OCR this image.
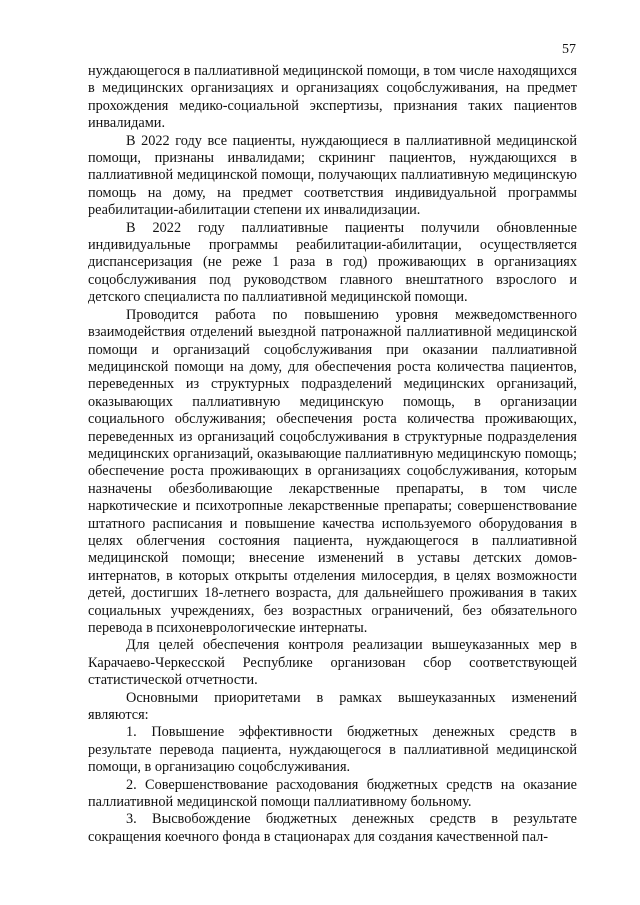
57

нуждающегося в паллиативной медицинской помощи, в том числе находящихся в медицинских организациях и организациях соцобслуживания, на предмет прохождения медико-социальной экспертизы, признания таких пациентов инвалидами.

В 2022 году все пациенты, нуждающиеся в паллиативной медицинской помощи, признаны инвалидами; скрининг пациентов, нуждающихся в паллиативной медицинской помощи, получающих паллиативную медицинскую помощь на дому, на предмет соответствия индивидуальной программы реабилитации-абилитации степени их инвалидизации.

В 2022 году паллиативные пациенты получили обновленные индивидуальные программы реабилитации-абилитации, осуществляется диспансеризация (не реже 1 раза в год) проживающих в организациях соцобслуживания под руководством главного внештатного взрослого и детского специалиста по паллиативной медицинской помощи.

Проводится работа по повышению уровня межведомственного взаимодействия отделений выездной патронажной паллиативной медицинской помощи и организаций соцобслуживания при оказании паллиативной медицинской помощи на дому, для обеспечения роста количества пациентов, переведенных из структурных подразделений медицинских организаций, оказывающих паллиативную медицинскую помощь, в организации социального обслуживания; обеспечения роста количества проживающих, переведенных из организаций соцобслуживания в структурные подразделения медицинских организаций, оказывающие паллиативную медицинскую помощь; обеспечение роста проживающих в организациях соцобслуживания, которым назначены обезболивающие лекарственные препараты, в том числе наркотические и психотропные лекарственные препараты; совершенствование штатного расписания и повышение качества используемого оборудования в целях облегчения состояния пациента, нуждающегося в паллиативной медицинской помощи; внесение изменений в уставы детских домов-интернатов, в которых открыты отделения милосердия, в целях возможности детей, достигших 18-летнего возраста, для дальнейшего проживания в таких социальных учреждениях, без возрастных ограничений, без обязательного перевода в психоневрологические интернаты.

Для целей обеспечения контроля реализации вышеуказанных мер в Карачаево-Черкесской Республике организован сбор соответствующей статистической отчетности.

Основными приоритетами в рамках вышеуказанных изменений являются:

1. Повышение эффективности бюджетных денежных средств в результате перевода пациента, нуждающегося в паллиативной медицинской помощи, в организацию соцобслуживания.

2. Совершенствование расходования бюджетных средств на оказание паллиативной медицинской помощи паллиативному больному.

3. Высвобождение бюджетных денежных средств в результате сокращения коечного фонда в стационарах для создания качественной пал-
